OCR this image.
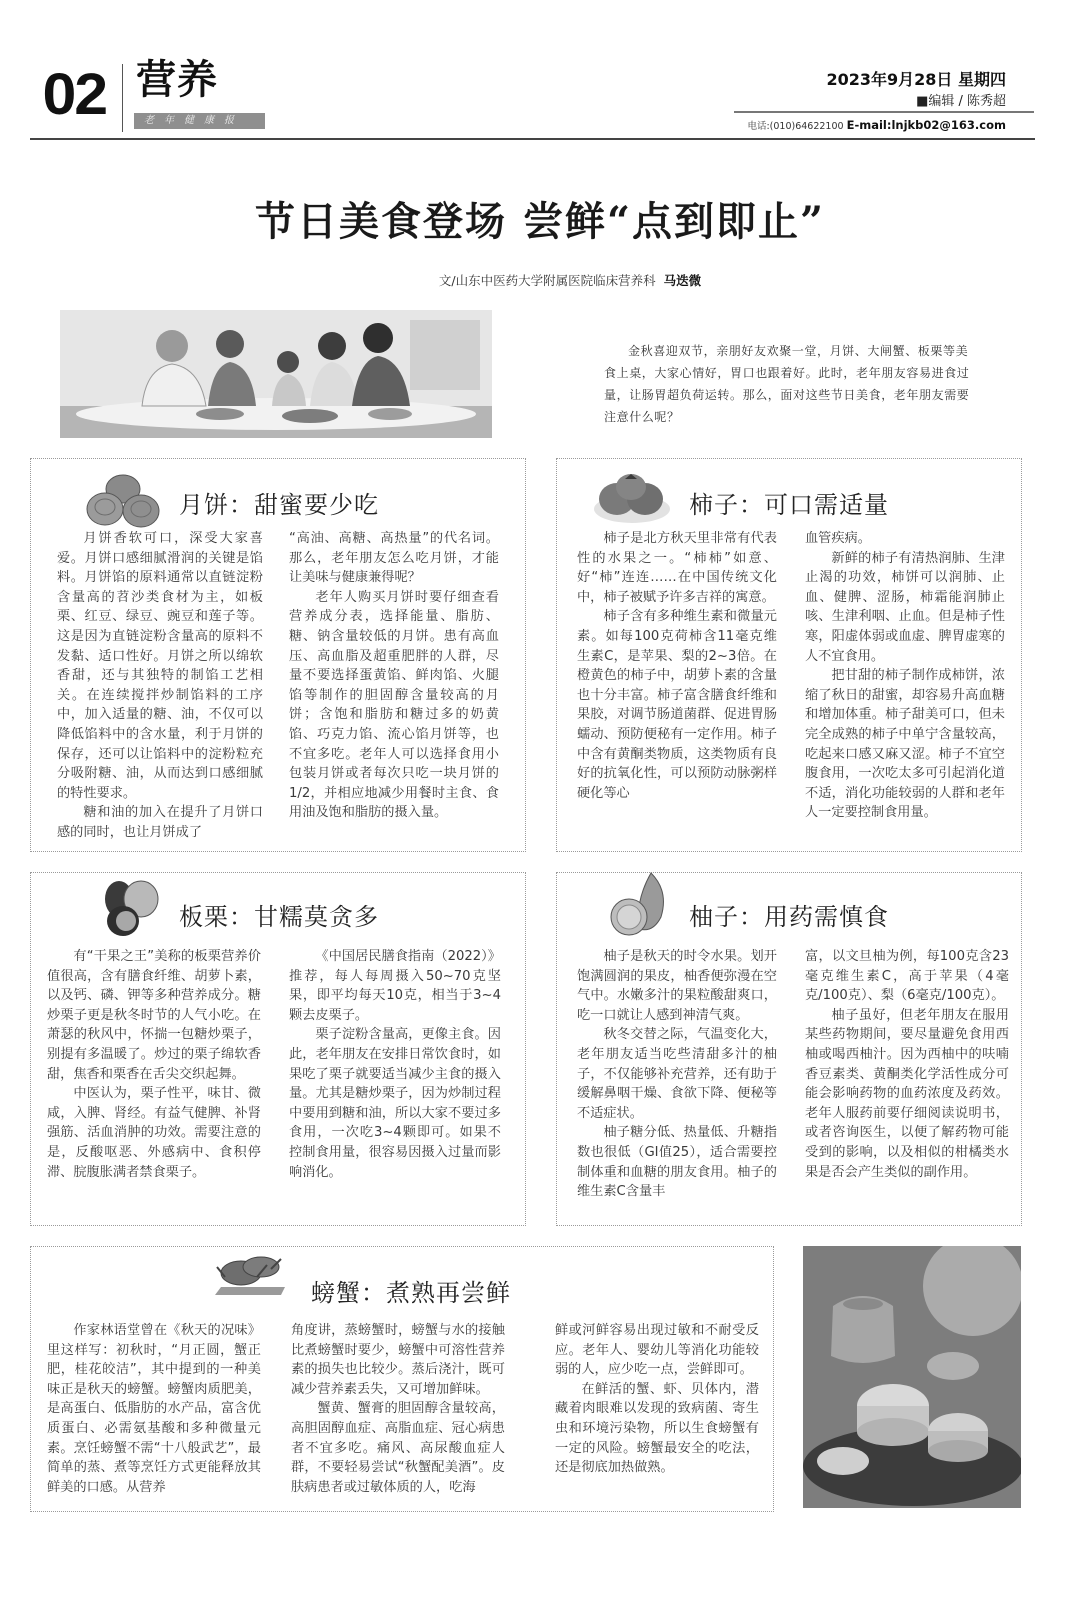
02 营养
老年健康报
2023年9月28日 星期四
■编辑 / 陈秀超
电话:(010)64622100 E-mail:lnjkb02@163.com
节日美食登场 尝鲜“点到即止”
文/山东中医药大学附属医院临床营养科 马迭微

金秋喜迎双节，亲朋好友欢聚一堂，月饼、大闸蟹、板栗等美食上桌，大家心情好，胃口也跟着好。此时，老年朋友容易进食过量，让肠胃超负荷运转。那么，面对这些节日美食，老年朋友需要注意什么呢？

月饼：甜蜜要少吃

月饼香软可口，深受大家喜爱。月饼口感细腻滑润的关键是馅料。月饼馅的原料通常以直链淀粉含量高的苕沙类食材为主，如板栗、红豆、绿豆、豌豆和莲子等。这是因为直链淀粉含量高的原料不发黏、适口性好。月饼之所以绵软香甜，还与其独特的制馅工艺相关。在连续搅拌炒制馅料的工序中，加入适量的糖、油，不仅可以降低馅料中的含水量，利于月饼的保存，还可以让馅料中的淀粉粒充分吸附糖、油，从而达到口感细腻的特性要求。

糖和油的加入在提升了月饼口感的同时，也让月饼成了

“高油、高糖、高热量”的代名词。那么，老年朋友怎么吃月饼，才能让美味与健康兼得呢？

老年人购买月饼时要仔细查看营养成分表，选择能量、脂肪、糖、钠含量较低的月饼。患有高血压、高血脂及超重肥胖的人群，尽量不要选择蛋黄馅、鲜肉馅、火腿馅等制作的胆固醇含量较高的月饼；含饱和脂肪和糖过多的奶黄馅、巧克力馅、流心馅月饼等，也不宜多吃。老年人可以选择食用小包装月饼或者每次只吃一块月饼的1/2，并相应地减少用餐时主食、食用油及饱和脂肪的摄入量。

柿子：可口需适量

柿子是北方秋天里非常有代表性的水果之一。“柿柿”如意、好“柿”连连……在中国传统文化中，柿子被赋予许多吉祥的寓意。

柿子含有多种维生素和微量元素。如每100克荷柿含11毫克维生素C，是苹果、梨的2~3倍。在橙黄色的柿子中，胡萝卜素的含量也十分丰富。柿子富含膳食纤维和果胶，对调节肠道菌群、促进胃肠蠕动、预防便秘有一定作用。柿子中含有黄酮类物质，这类物质有良好的抗氧化性，可以预防动脉粥样硬化等心

血管疾病。

新鲜的柿子有清热润肺、生津止渴的功效，柿饼可以润肺、止血、健脾、涩肠，柿霜能润肺止咳、生津利咽、止血。但是柿子性寒，阳虚体弱或血虚、脾胃虚寒的人不宜食用。

把甘甜的柿子制作成柿饼，浓缩了秋日的甜蜜，却容易升高血糖和增加体重。柿子甜美可口，但未完全成熟的柿子中单宁含量较高，吃起来口感又麻又涩。柿子不宜空腹食用，一次吃太多可引起消化道不适，消化功能较弱的人群和老年人一定要控制食用量。

板栗：甘糯莫贪多

有“干果之王”美称的板栗营养价值很高，含有膳食纤维、胡萝卜素，以及钙、磷、钾等多种营养成分。糖炒栗子更是秋冬时节的人气小吃。在萧瑟的秋风中，怀揣一包糖炒栗子，别提有多温暖了。炒过的栗子绵软香甜，焦香和栗香在舌尖交织起舞。

中医认为，栗子性平，味甘、微咸，入脾、肾经。有益气健脾、补肾强筋、活血消肿的功效。需要注意的是，反酸呕恶、外感病中、食积停滞、脘腹胀满者禁食栗子。

《中国居民膳食指南（2022）》推荐，每人每周摄入50~70克坚果，即平均每天10克，相当于3~4颗去皮栗子。

栗子淀粉含量高，更像主食。因此，老年朋友在安排日常饮食时，如果吃了栗子就要适当减少主食的摄入量。尤其是糖炒栗子，因为炒制过程中要用到糖和油，所以大家不要过多食用，一次吃3~4颗即可。如果不控制食用量，很容易因摄入过量而影响消化。

柚子：用药需慎食

柚子是秋天的时令水果。划开饱满圆润的果皮，柚香便弥漫在空气中。水嫩多汁的果粒酸甜爽口，吃一口就让人感到神清气爽。

秋冬交替之际，气温变化大，老年朋友适当吃些清甜多汁的柚子，不仅能够补充营养，还有助于缓解鼻咽干燥、食欲下降、便秘等不适症状。

柚子糖分低、热量低、升糖指数也很低（GI值25），适合需要控制体重和血糖的朋友食用。柚子的维生素C含量丰

富，以文旦柚为例，每100克含23毫克维生素C，高于苹果（4毫克/100克）、梨（6毫克/100克）。

柚子虽好，但老年朋友在服用某些药物期间，要尽量避免食用西柚或喝西柚汁。因为西柚中的呋喃香豆素类、黄酮类化学活性成分可能会影响药物的血药浓度及药效。老年人服药前要仔细阅读说明书，或者咨询医生，以便了解药物可能受到的影响，以及相似的柑橘类水果是否会产生类似的副作用。

螃蟹：煮熟再尝鲜

作家林语堂曾在《秋天的况味》里这样写：初秋时，“月正圆，蟹正肥，桂花皎洁”，其中提到的一种美味正是秋天的螃蟹。螃蟹肉质肥美，是高蛋白、低脂肪的水产品，富含优质蛋白、必需氨基酸和多种微量元素。烹饪螃蟹不需“十八般武艺”，最简单的蒸、煮等烹饪方式更能释放其鲜美的口感。从营养

角度讲，蒸螃蟹时，螃蟹与水的接触比煮螃蟹时要少，螃蟹中可溶性营养素的损失也比较少。蒸后浇汁，既可减少营养素丢失，又可增加鲜味。

蟹黄、蟹膏的胆固醇含量较高，高胆固醇血症、高脂血症、冠心病患者不宜多吃。痛风、高尿酸血症人群，不要轻易尝试“秋蟹配美酒”。皮肤病患者或过敏体质的人，吃海

鲜或河鲜容易出现过敏和不耐受反应。老年人、婴幼儿等消化功能较弱的人，应少吃一点，尝鲜即可。

在鲜活的蟹、虾、贝体内，潜藏着肉眼难以发现的致病菌、寄生虫和环境污染物，所以生食螃蟹有一定的风险。螃蟹最安全的吃法，还是彻底加热做熟。
